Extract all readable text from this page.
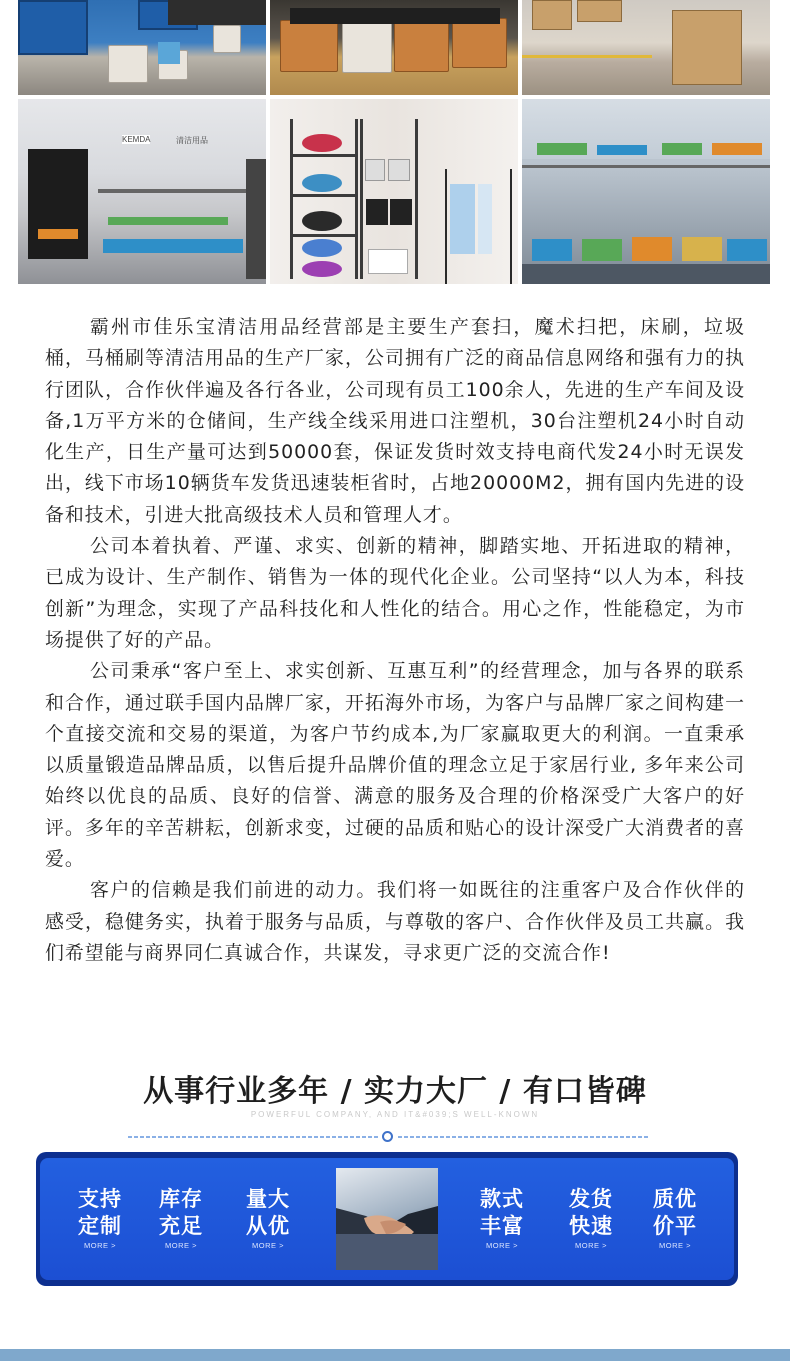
KEMDA	清洁用品

霸州市佳乐宝清洁用品经营部是主要生产套扫，魔术扫把，床刷，垃圾桶，马桶刷等清洁用品的生产厂家，公司拥有广泛的商品信息网络和强有力的执行团队，合作伙伴遍及各行各业，公司现有员工100余人，先进的生产车间及设备,1万平方米的仓储间，生产线全线采用进口注塑机，30台注塑机24小时自动化生产，日生产量可达到50000套，保证发货时效支持电商代发24小时无误发出，线下市场10辆货车发货迅速装柜省时，占地20000M2，拥有国内先进的设备和技术，引进大批高级技术人员和管理人才。

公司本着执着、严谨、求实、创新的精神，脚踏实地、开拓进取的精神，已成为设计、生产制作、销售为一体的现代化企业。公司坚持“以人为本，科技创新”为理念，实现了产品科技化和人性化的结合。用心之作，性能稳定，为市场提供了好的产品。

公司秉承“客户至上、求实创新、互惠互利”的经营理念，加与各界的联系和合作，通过联手国内品牌厂家，开拓海外市场，为客户与品牌厂家之间构建一个直接交流和交易的渠道，为客户节约成本,为厂家赢取更大的利润。一直秉承以质量锻造品牌品质，以售后提升品牌价值的理念立足于家居行业, 多年来公司始终以优良的品质、良好的信誉、满意的服务及合理的价格深受广大客户的好评。多年的辛苦耕耘，创新求变，过硬的品质和贴心的设计深受广大消费者的喜爱。

客户的信赖是我们前进的动力。我们将一如既往的注重客户及合作伙伴的感受，稳健务实，执着于服务与品质，与尊敬的客户、合作伙伴及员工共赢。我们希望能与商界同仁真诚合作，共谋发，寻求更广泛的交流合作!

从事行业多年 / 实力大厂 / 有口皆碑
POWERFUL COMPANY, AND IT&#039;S WELL-KNOWN
支持
定制
MORE >
库存
充足
MORE >
量大
从优
MORE >
款式
丰富
MORE >
发货
快速
MORE >
质优
价平
MORE >
